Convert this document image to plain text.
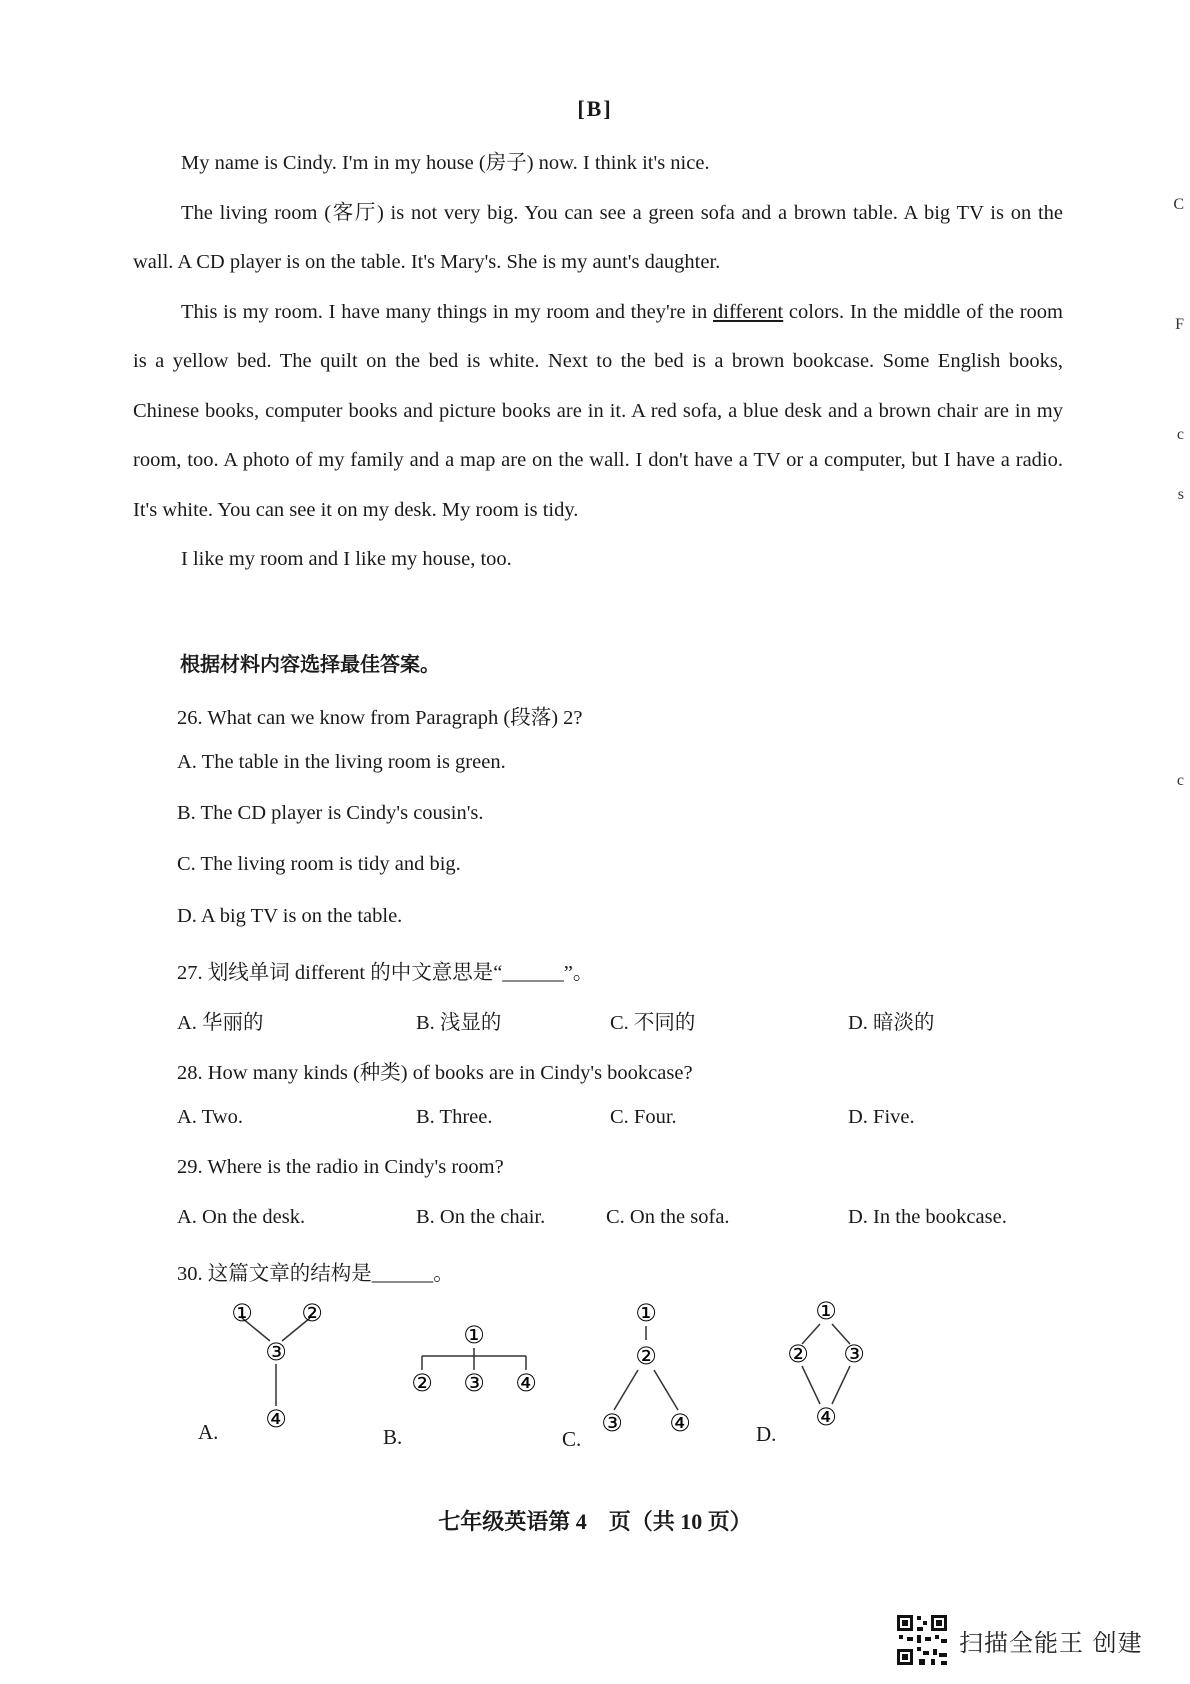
C
F
c
s
c
[B]

My name is Cindy. I'm in my house (房子) now. I think it's nice.

The living room (客厅) is not very big. You can see a green sofa and a brown table. A big TV is on the wall. A CD player is on the table. It's Mary's. She is my aunt's daughter.

This is my room. I have many things in my room and they're in different colors. In the middle of the room is a yellow bed. The quilt on the bed is white. Next to the bed is a brown bookcase. Some English books, Chinese books, computer books and picture books are in it. A red sofa, a blue desk and a brown chair are in my room, too. A photo of my family and a map are on the wall. I don't have a TV or a computer, but I have a radio. It's white. You can see it on my desk. My room is tidy.

I like my room and I like my house, too.

根据材料内容选择最佳答案。
26. What can we know from Paragraph (段落) 2?
A. The table in the living room is green.
B. The CD player is Cindy's cousin's.
C. The living room is tidy and big.
D. A big TV is on the table.
27. 划线单词 different 的中文意思是“______”。
A. 华丽的	B. 浅显的	C. 不同的	D. 暗淡的
28. How many kinds (种类) of books are in Cindy's bookcase?
A. Two.	B. Three.	C. Four.	D. Five.
29. Where is the radio in Cindy's room?
A. On the desk.	B. On the chair.	C. On the sofa.	D. In the bookcase.
30. 这篇文章的结构是______。
① ②
③
④
A.
①
② ③ ④
B.
①
②
③ ④
C.
①
② ③
④
D.
七年级英语第 4　页（共 10 页）
扫描全能王 创建
